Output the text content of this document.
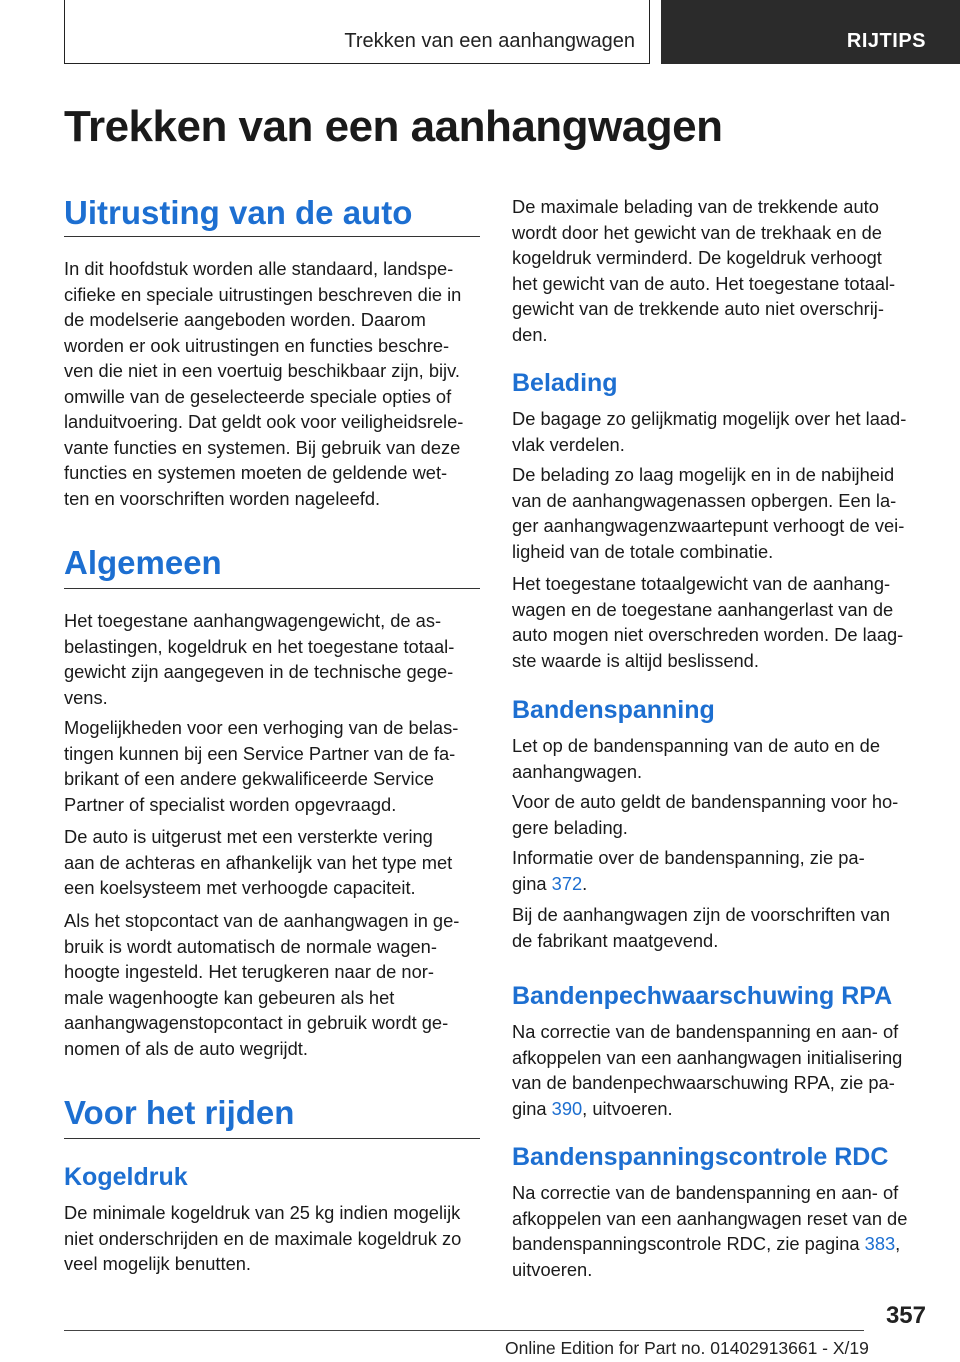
Trekken van een aanhangwagen	RIJTIPS
Trekken van een aanhangwagen
Uitrusting van de auto
In dit hoofdstuk worden alle standaard, landspe‐
cifieke en speciale uitrustingen beschreven die in
de modelserie aangeboden worden. Daarom
worden er ook uitrustingen en functies beschre‐
ven die niet in een voertuig beschikbaar zijn, bijv.
omwille van de geselecteerde speciale opties of
landuitvoering. Dat geldt ook voor veiligheidsrele‐
vante functies en systemen. Bij gebruik van deze
functies en systemen moeten de geldende wet‐
ten en voorschriften worden nageleefd.
Algemeen
Het toegestane aanhangwagengewicht, de as‐
belastingen, kogeldruk en het toegestane totaal‐
gewicht zijn aangegeven in de technische gege‐
vens.
Mogelijkheden voor een verhoging van de belas‐
tingen kunnen bij een Service Partner van de fa‐
brikant of een andere gekwalificeerde Service
Partner of specialist worden opgevraagd.
De auto is uitgerust met een versterkte vering
aan de achteras en afhankelijk van het type met
een koelsysteem met verhoogde capaciteit.
Als het stopcontact van de aanhangwagen in ge‐
bruik is wordt automatisch de normale wagen‐
hoogte ingesteld. Het terugkeren naar de nor‐
male wagenhoogte kan gebeuren als het
aanhangwagenstopcontact in gebruik wordt ge‐
nomen of als de auto wegrijdt.
Voor het rijden
Kogeldruk
De minimale kogeldruk van 25 kg indien mogelijk
niet onderschrijden en de maximale kogeldruk zo
veel mogelijk benutten.
De maximale belading van de trekkende auto
wordt door het gewicht van de trekhaak en de
kogeldruk verminderd. De kogeldruk verhoogt
het gewicht van de auto. Het toegestane totaal‐
gewicht van de trekkende auto niet overschrij‐
den.
Belading
De bagage zo gelijkmatig mogelijk over het laad‐
vlak verdelen.
De belading zo laag mogelijk en in de nabijheid
van de aanhangwagenassen opbergen. Een la‐
ger aanhangwagenzwaartepunt verhoogt de vei‐
ligheid van de totale combinatie.
Het toegestane totaalgewicht van de aanhang‐
wagen en de toegestane aanhangerlast van de
auto mogen niet overschreden worden. De laag‐
ste waarde is altijd beslissend.
Bandenspanning
Let op de bandenspanning van de auto en de
aanhangwagen.
Voor de auto geldt de bandenspanning voor ho‐
gere belading.
Informatie over de bandenspanning, zie pa‐
gina 372.
Bij de aanhangwagen zijn de voorschriften van
de fabrikant maatgevend.
Bandenpechwaarschuwing RPA
Na correctie van de bandenspanning en aan- of
afkoppelen van een aanhangwagen initialisering
van de bandenpechwaarschuwing RPA, zie pa‐
gina 390, uitvoeren.
Bandenspanningscontrole RDC
Na correctie van de bandenspanning en aan- of
afkoppelen van een aanhangwagen reset van de
bandenspanningscontrole RDC, zie pagina 383,
uitvoeren.
357
Online Edition for Part no. 01402913661 - X/19
